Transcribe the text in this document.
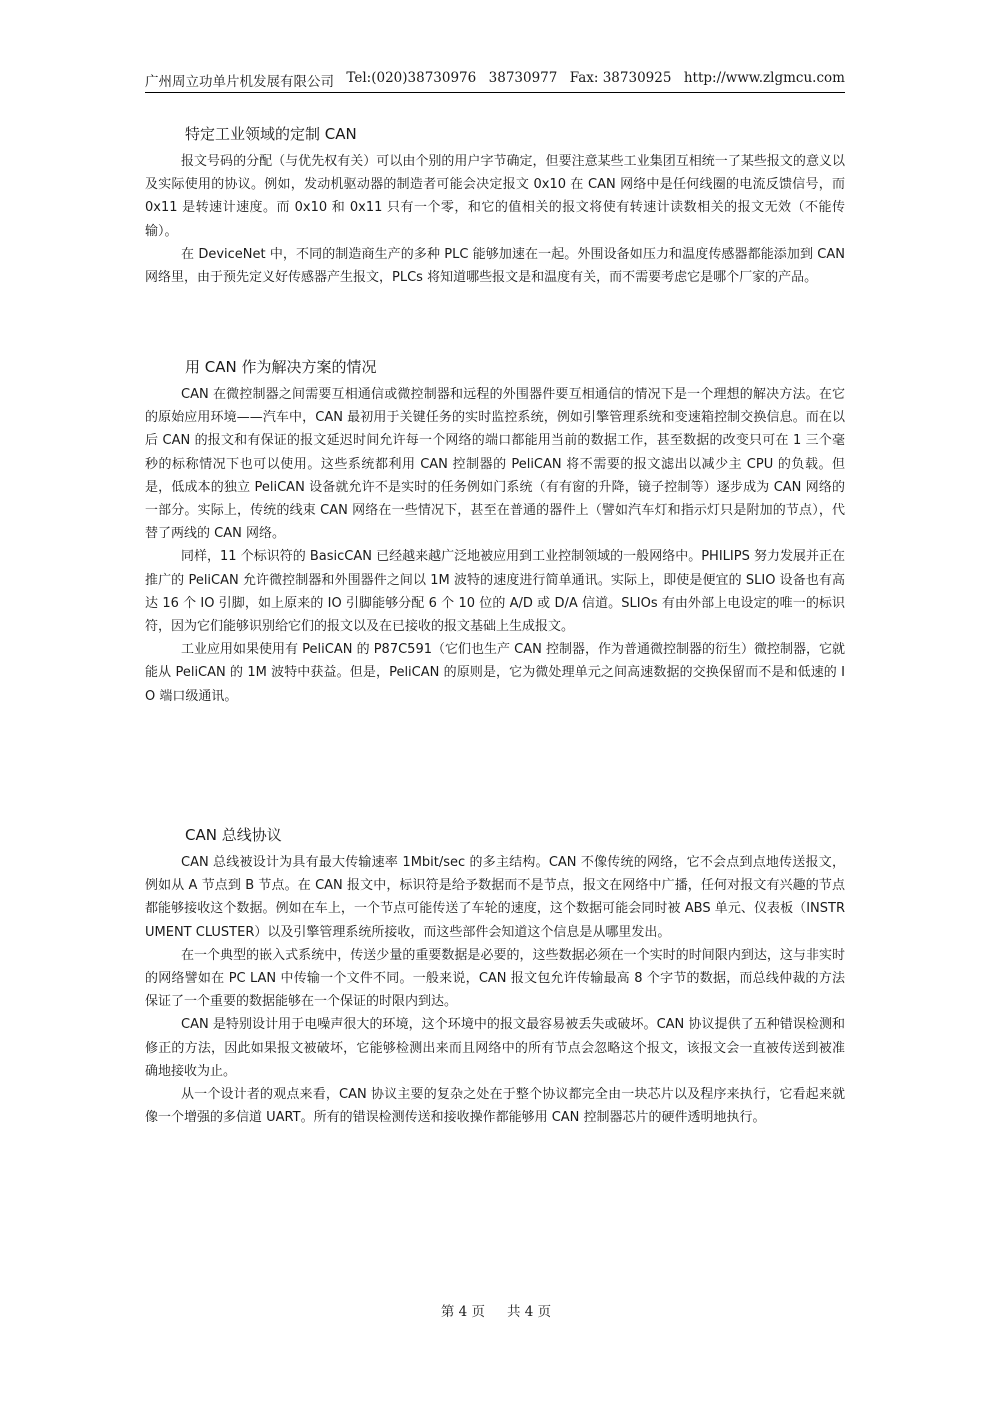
广州周立功单片机发展有限公司 Tel:(020)38730976 38730977 Fax: 38730925 http://www.zlgmcu.com
特定工业领域的定制 CAN

报文号码的分配（与优先权有关）可以由个别的用户字节确定，但要注意某些工业集团互相统一了某些报文的意义以及实际使用的协议。例如，发动机驱动器的制造者可能会决定报文 0x10 在 CAN 网络中是任何线圈的电流反馈信号，而 0x11 是转速计速度。而 0x10 和 0x11 只有一个零，和它的值相关的报文将使有转速计读数相关的报文无效（不能传输）。

在 DeviceNet 中，不同的制造商生产的多种 PLC 能够加速在一起。外围设备如压力和温度传感器都能添加到 CAN 网络里，由于预先定义好传感器产生报文，PLCs 将知道哪些报文是和温度有关，而不需要考虑它是哪个厂家的产品。

用 CAN 作为解决方案的情况

CAN 在微控制器之间需要互相通信或微控制器和远程的外围器件要互相通信的情况下是一个理想的解决方法。在它的原始应用环境——汽车中，CAN 最初用于关键任务的实时监控系统，例如引擎管理系统和变速箱控制交换信息。而在以后 CAN 的报文和有保证的报文延迟时间允许每一个网络的端口都能用当前的数据工作，甚至数据的改变只可在 1 三个毫秒的标称情况下也可以使用。这些系统都利用 CAN 控制器的 PeliCAN 将不需要的报文滤出以减少主 CPU 的负载。但是，低成本的独立 PeliCAN 设备就允许不是实时的任务例如门系统（有有窗的升降，镜子控制等）逐步成为 CAN 网络的一部分。实际上，传统的线束 CAN 网络在一些情况下，甚至在普通的器件上（譬如汽车灯和指示灯只是附加的节点），代替了两线的 CAN 网络。

同样，11 个标识符的 BasicCAN 已经越来越广泛地被应用到工业控制领域的一般网络中。PHILIPS 努力发展并正在推广的 PeliCAN 允许微控制器和外围器件之间以 1M 波特的速度进行简单通讯。实际上，即使是便宜的 SLIO 设备也有高达 16 个 IO 引脚，如上原来的 IO 引脚能够分配 6 个 10 位的 A/D 或 D/A 信道。SLIOs 有由外部上电设定的唯一的标识符，因为它们能够识别给它们的报文以及在已接收的报文基础上生成报文。

工业应用如果使用有 PeliCAN 的 P87C591（它们也生产 CAN 控制器，作为普通微控制器的衍生）微控制器，它就能从 PeliCAN 的 1M 波特中获益。但是，PeliCAN 的原则是，它为微处理单元之间高速数据的交换保留而不是和低速的 IO 端口级通讯。

CAN 总线协议

CAN 总线被设计为具有最大传输速率 1Mbit/sec 的多主结构。CAN 不像传统的网络，它不会点到点地传送报文，例如从 A 节点到 B 节点。在 CAN 报文中，标识符是给予数据而不是节点，报文在网络中广播，任何对报文有兴趣的节点都能够接收这个数据。例如在车上，一个节点可能传送了车轮的速度，这个数据可能会同时被 ABS 单元、仪表板（INSTRUMENT CLUSTER）以及引擎管理系统所接收，而这些部件会知道这个信息是从哪里发出。

在一个典型的嵌入式系统中，传送少量的重要数据是必要的，这些数据必须在一个实时的时间限内到达，这与非实时的网络譬如在 PC LAN 中传输一个文件不同。一般来说，CAN 报文包允许传输最高 8 个字节的数据，而总线仲裁的方法保证了一个重要的数据能够在一个保证的时限内到达。

CAN 是特别设计用于电噪声很大的环境，这个环境中的报文最容易被丢失或破坏。CAN 协议提供了五种错误检测和修正的方法，因此如果报文被破坏，它能够检测出来而且网络中的所有节点会忽略这个报文，该报文会一直被传送到被准确地接收为止。

从一个设计者的观点来看，CAN 协议主要的复杂之处在于整个协议都完全由一块芯片以及程序来执行，它看起来就像一个增强的多信道 UART。所有的错误检测传送和接收操作都能够用 CAN 控制器芯片的硬件透明地执行。

第 4 页 共 4 页
